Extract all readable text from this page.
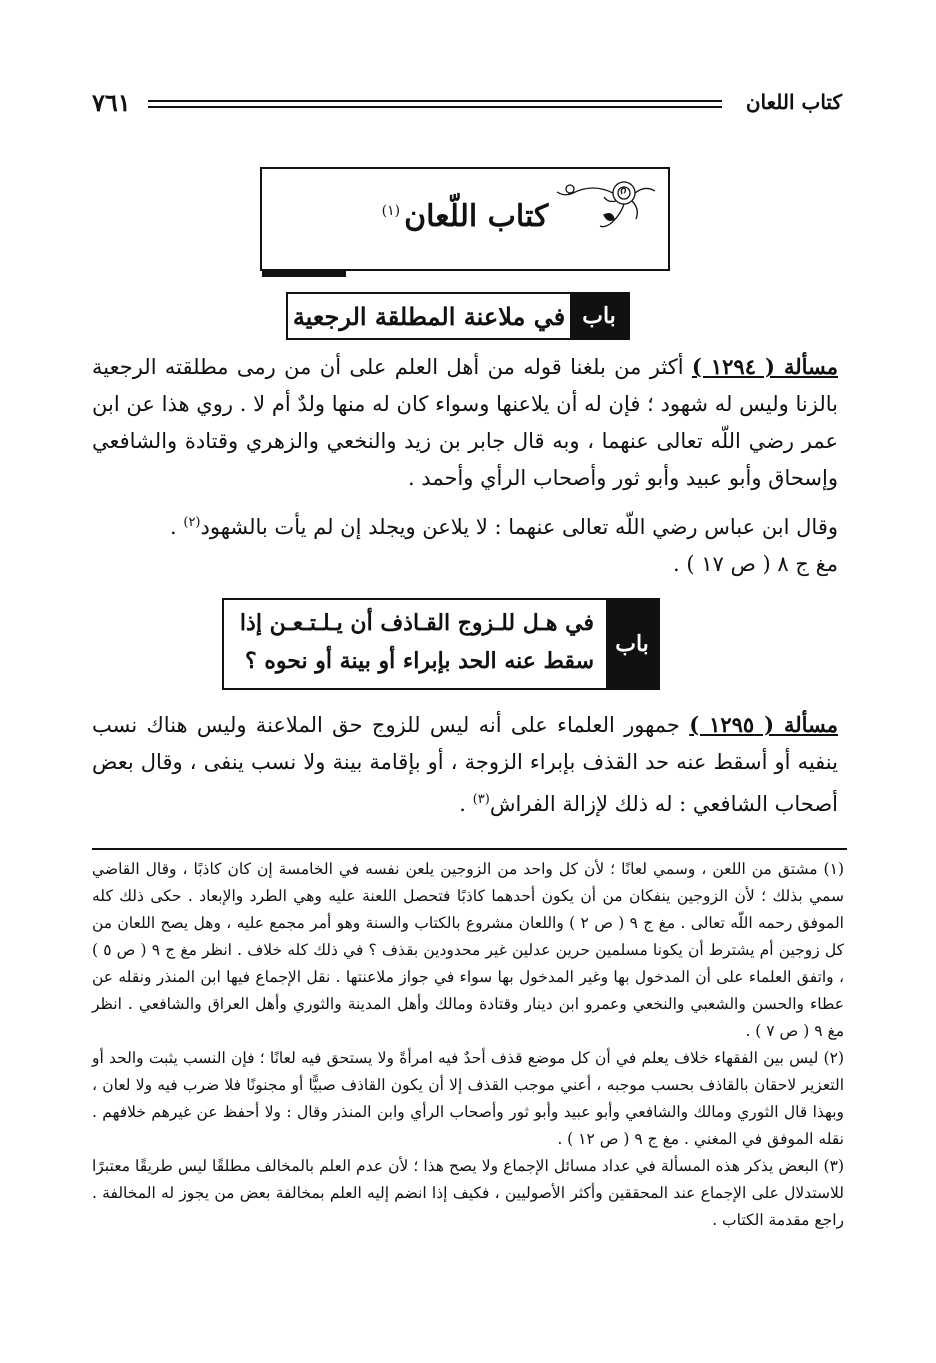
كتاب اللعان
٧٦١
كتاب اللّعان$^{(١)}$
باب
في ملاعنة المطلقة الرجعية
مسألة ( ١٢٩٤ ) أكثر من بلغنا قوله من أهل العلم على أن من رمى مطلقته الرجعية بالزنا وليس له شهود ؛ فإن له أن يلاعنها وسواء كان له منها ولدٌ أم لا . روي هذا عن ابن عمر رضي اللّه تعالى عنهما ، وبه قال جابر بن زيد والنخعي والزهري وقتادة والشافعي وإسحاق وأبو عبيد وأبو ثور وأصحاب الرأي وأحمد .
وقال ابن عباس رضي اللّه تعالى عنهما : لا يلاعن ويجلد إن لم يأت بالشهود$^{(٢)}$ .
مغ ج ٨ ( ص ١٧ ) .
باب
في هـل للـزوج القـاذف أن يـلـتـعـن إذا
سقط عنه الحد بإبراء أو بينة أو نحوه ؟
مسألة ( ١٢٩٥ ) جمهور العلماء على أنه ليس للزوج حق الملاعنة وليس هناك نسب ينفيه أو أسقط عنه حد القذف بإبراء الزوجة ، أو بإقامة بينة ولا نسب ينفى ، وقال بعض أصحاب الشافعي : له ذلك لإزالة الفراش$^{(٣)}$ .

(١) مشتق من اللعن ، وسمي لعانًا ؛ لأن كل واحد من الزوجين يلعن نفسه في الخامسة إن كان كاذبًا ، وقال القاضي سمي بذلك ؛ لأن الزوجين ينفكان من أن يكون أحدهما كاذبًا فتحصل اللعنة عليه وهي الطرد والإبعاد . حكى ذلك كله الموفق رحمه اللّه تعالى . مغ ج ٩ ( ص ٢ ) واللعان مشروع بالكتاب والسنة وهو أمر مجمع عليه ، وهل يصح اللعان من كل زوجين أم يشترط أن يكونا مسلمين حرين عدلين غير محدودين بقذف ؟ في ذلك كله خلاف . انظر مغ ج ٩ ( ص ٥ ) ، واتفق العلماء على أن المدخول بها وغير المدخول بها سواء في جواز ملاعنتها . نقل الإجماع فيها ابن المنذر ونقله عن عطاء والحسن والشعبي والنخعي وعمرو ابن دينار وقتادة ومالك وأهل المدينة والثوري وأهل العراق والشافعي . انظر مغ ٩ ( ص ٧ ) .

(٢) ليس بين الفقهاء خلاف يعلم في أن كل موضع قذف أحدٌ فيه امرأةً ولا يستحق فيه لعانًا ؛ فإن النسب يثبت والحد أو التعزير لاحقان بالقاذف بحسب موجبه ، أعني موجب القذف إلا أن يكون القاذف صبيًّا أو مجنونًا فلا ضرب فيه ولا لعان ، وبهذا قال الثوري ومالك والشافعي وأبو عبيد وأبو ثور وأصحاب الرأي وابن المنذر وقال : ولا أحفظ عن غيرهم خلافهم . نقله الموفق في المغني . مغ ج ٩ ( ص ١٢ ) .

(٣) البعض يذكر هذه المسألة في عداد مسائل الإجماع ولا يصح هذا ؛ لأن عدم العلم بالمخالف مطلقًا ليس طريقًا معتبرًا للاستدلال على الإجماع عند المحققين وأكثر الأصوليين ، فكيف إذا انضم إليه العلم بمخالفة بعض من يجوز له المخالفة . راجع مقدمة الكتاب .
